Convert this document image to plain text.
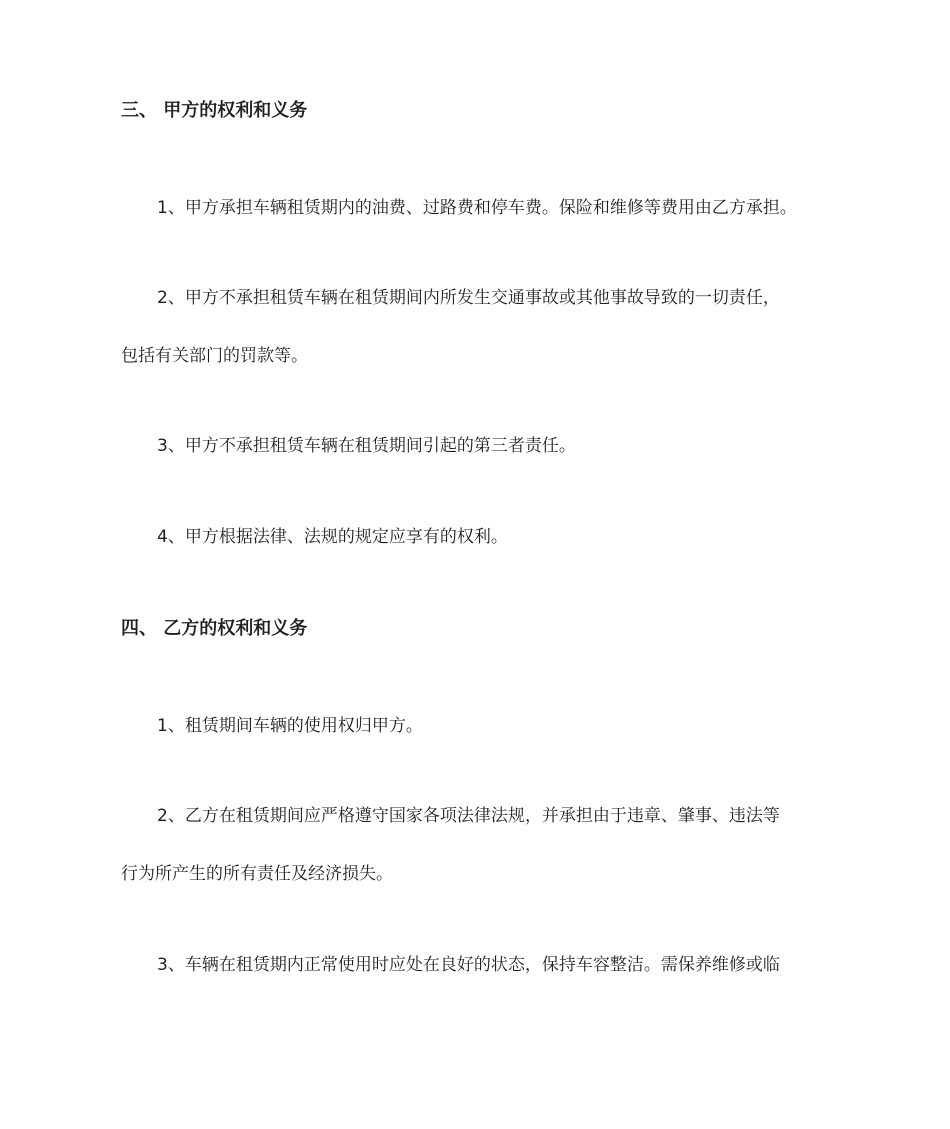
三、 甲方的权利和义务

1、甲方承担车辆租赁期内的油费、过路费和停车费。保险和维修等费用由乙方承担。

2、甲方不承担租赁车辆在租赁期间内所发生交通事故或其他事故导致的一切责任，
包括有关部门的罚款等。

3、甲方不承担租赁车辆在租赁期间引起的第三者责任。

4、甲方根据法律、法规的规定应享有的权利。

四、 乙方的权利和义务

1、租赁期间车辆的使用权归甲方。

2、乙方在租赁期间应严格遵守国家各项法律法规，并承担由于违章、肇事、违法等
行为所产生的所有责任及经济损失。

3、车辆在租赁期内正常使用时应处在良好的状态，保持车容整洁。需保养维修或临
